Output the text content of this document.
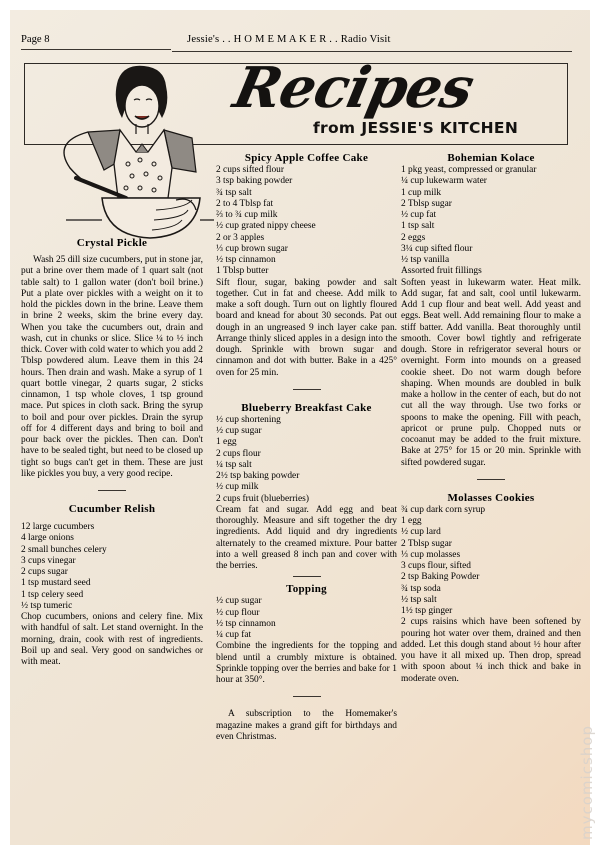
Page 8	Jessie's . . H O M E M A K E R . . Radio Visit
Recipes
from JESSIE'S KITCHEN
Crystal Pickle

Wash 25 dill size cucumbers, put in stone jar, put a brine over them made of 1 quart salt (not table salt) to 1 gallon water (don't boil brine.) Put a plate over pickles with a weight on it to hold the pickles down in the brine. Leave them in brine 2 weeks, skim the brine every day. When you take the cucumbers out, drain and wash, cut in chunks or slice. Slice ¼ to ½ inch thick. Cover with cold water to which you add 2 Tblsp powdered alum. Leave them in this 24 hours. Then drain and wash. Make a syrup of 1 quart bottle vinegar, 2 quarts sugar, 2 sticks cinnamon, 1 tsp whole cloves, 1 tsp ground mace. Put spices in cloth sack. Bring the syrup to boil and pour over pickles. Drain the syrup off for 4 different days and bring to boil and pour back over the pickles. Then can. Don't have to be sealed tight, but need to be closed up tight so bugs can't get in them. These are just like pickles you buy, a very good recipe.

Cucumber Relish
12 large cucumbers
4 large onions
2 small bunches celery
3 cups vinegar
2 cups sugar
1 tsp mustard seed
1 tsp celery seed
½ tsp tumeric

Chop cucumbers, onions and celery fine. Mix with handful of salt. Let stand overnight. In the morning, drain, cook with rest of ingredients. Boil up and seal. Very good on sandwiches or with meat.

Spicy Apple Coffee Cake
2 cups sifted flour
3 tsp baking powder
¾ tsp salt
2 to 4 Tblsp fat
⅔ to ¾ cup milk
½ cup grated nippy cheese
2 or 3 apples
⅓ cup brown sugar
½ tsp cinnamon
1 Tblsp butter

Sift flour, sugar, baking powder and salt together. Cut in fat and cheese. Add milk to make a soft dough. Turn out on lightly floured board and knead for about 30 seconds. Pat out dough in an ungreased 9 inch layer cake pan. Arrange thinly sliced apples in a design into the dough. Sprinkle with brown sugar and cinnamon and dot with butter. Bake in a 425° oven for 25 min.

Blueberry Breakfast Cake
½ cup shortening
½ cup sugar
1 egg
2 cups flour
¼ tsp salt
2½ tsp baking powder
½ cup milk
2 cups fruit (blueberries)

Cream fat and sugar. Add egg and beat thoroughly. Measure and sift together the dry ingredients. Add liquid and dry ingredients alternately to the creamed mixture. Pour batter into a well greased 8 inch pan and cover with the berries.

Topping
½ cup sugar
½ cup flour
½ tsp cinnamon
¼ cup fat

Combine the ingredients for the topping and blend until a crumbly mixture is obtained. Sprinkle topping over the berries and bake for 1 hour at 350°.

A subscription to the Homemaker's magazine makes a grand gift for birthdays and even Christmas.

Bohemian Kolace
1 pkg yeast, compressed or granular
¼ cup lukewarm water
1 cup milk
2 Tblsp sugar
½ cup fat
1 tsp salt
2 eggs
3¼ cup sifted flour
½ tsp vanilla
Assorted fruit fillings

Soften yeast in lukewarm water. Heat milk. Add sugar, fat and salt, cool until lukewarm. Add 1 cup flour and beat well. Add yeast and eggs. Beat well. Add remaining flour to make a stiff batter. Add vanilla. Beat thoroughly until smooth. Cover bowl tightly and refrigerate dough. Store in refrigerator several hours or overnight. Form into mounds on a greased cookie sheet. Do not warm dough before shaping. When mounds are doubled in bulk make a hollow in the center of each, but do not cut all the way through. Use two forks or spoons to make the opening. Fill with peach, apricot or prune pulp. Chopped nuts or cocoanut may be added to the fruit mixture. Bake at 275° for 15 or 20 min. Sprinkle with sifted powdered sugar.

Molasses Cookies
¾ cup dark corn syrup
1 egg
½ cup lard
2 Tblsp sugar
⅓ cup molasses
3 cups flour, sifted
2 tsp Baking Powder
¾ tsp soda
½ tsp salt
1½ tsp ginger

2 cups raisins which have been softened by pouring hot water over them, drained and then added. Let this dough stand about ½ hour after you have it all mixed up. Then drop, spread with spoon about ¼ inch thick and bake in moderate oven.

mycomicshop
